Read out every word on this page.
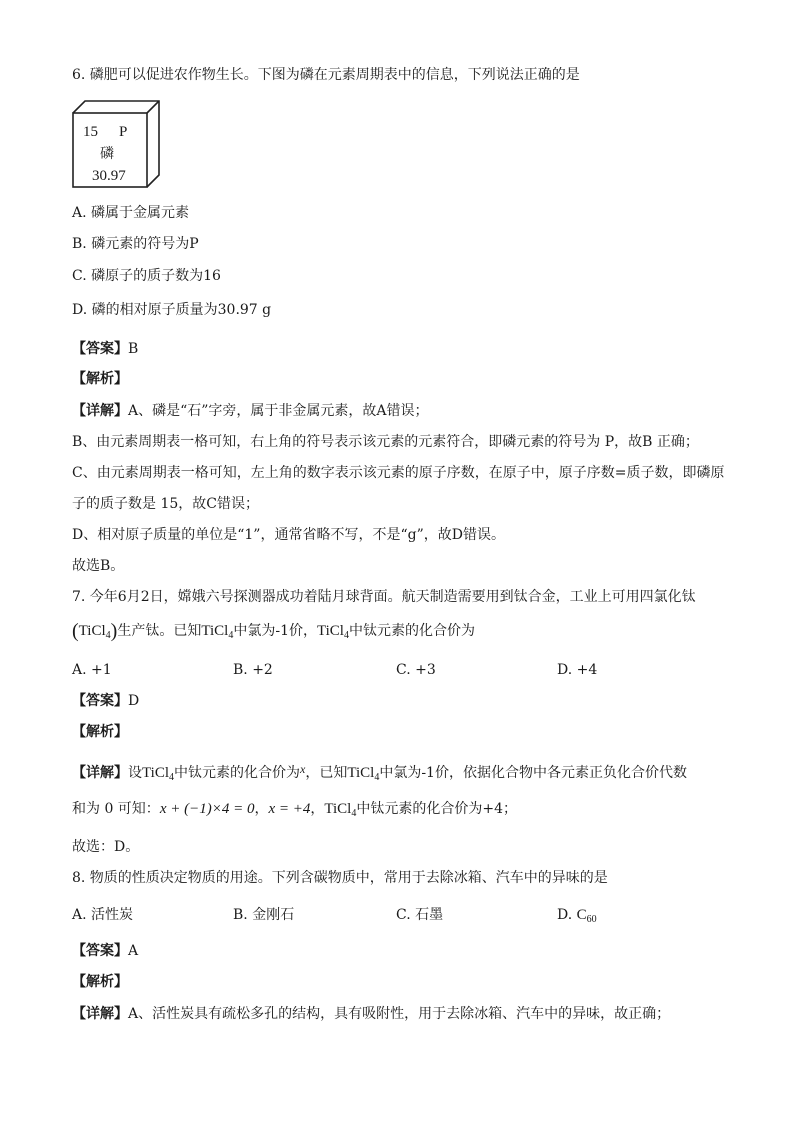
6. 磷肥可以促进农作物生长。下图为磷在元素周期表中的信息，下列说法正确的是
15 P
磷
30.97
A. 磷属于金属元素
B. 磷元素的符号为P
C. 磷原子的质子数为16
D. 磷的相对原子质量为30.97 g
【答案】B
【解析】
【详解】A、磷是“石”字旁，属于非金属元素，故A错误；
B、由元素周期表一格可知，右上角的符号表示该元素的元素符合，即磷元素的符号为 P，故B 正确；
C、由元素周期表一格可知，左上角的数字表示该元素的原子序数，在原子中，原子序数=质子数，即磷原
子的质子数是 15，故C错误；
D、相对原子质量的单位是“1”，通常省略不写，不是“g”，故D错误。
故选B。
7. 今年6月2日，嫦娥六号探测器成功着陆月球背面。航天制造需要用到钛合金，工业上可用四氯化钛
(TiCl$_4$)生产钛。已知TiCl$_4$中氯为-1价，TiCl$_4$中钛元素的化合价为
A. +1	B. +2	C. +3	D. +4
【答案】D
【解析】
【详解】设TiCl$_4$中钛元素的化合价为x，已知TiCl$_4$中氯为-1价，依据化合物中各元素正负化合价代数
和为 0 可知：x + (−1)×4 = 0，x = +4，TiCl$_4$中钛元素的化合价为+4；
故选：D。
8. 物质的性质决定物质的用途。下列含碳物质中，常用于去除冰箱、汽车中的异味的是
A. 活性炭	B. 金刚石	C. 石墨	D. $C_{60}$
【答案】A
【解析】
【详解】A、活性炭具有疏松多孔的结构，具有吸附性，用于去除冰箱、汽车中的异味，故正确；
